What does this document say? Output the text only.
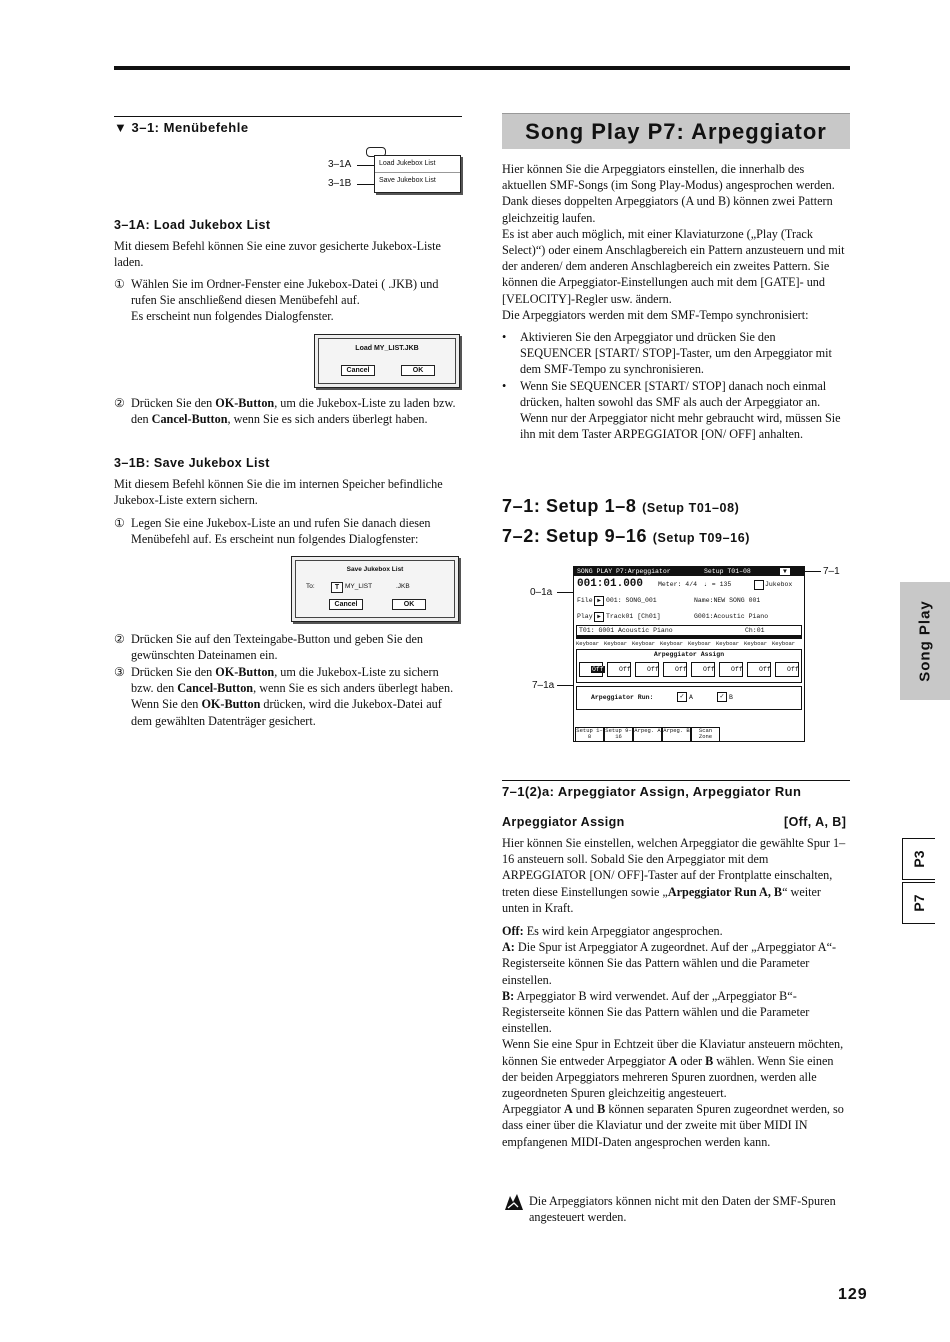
▼ 3–1: Menübefehle
3–1A
3–1B
Load Jukebox List
Save Jukebox List
3–1A: Load Jukebox List
Mit diesem Befehl können Sie eine zuvor gesicherte Jukebox-Liste laden.
① Wählen Sie im Ordner-Fenster eine Jukebox-Datei ( .JKB) und rufen Sie anschließend diesen Menübefehl auf.
Es erscheint nun folgendes Dialogfenster.
Load MY_LIST.JKB
Cancel	OK
② Drücken Sie den OK-Button, um die Jukebox-Liste zu laden bzw. den Cancel-Button, wenn Sie es sich anders überlegt haben.
3–1B: Save Jukebox List
Mit diesem Befehl können Sie die im internen Speicher befindliche Jukebox-Liste extern sichern.
① Legen Sie eine Jukebox-Liste an und rufen Sie danach diesen Menübefehl auf. Es erscheint nun folgendes Dialogfenster:
Save Jukebox List
To:	T MY_LIST	.JKB
Cancel	OK
② Drücken Sie auf den Texteingabe-Button und geben Sie den gewünschten Dateinamen ein.
③ Drücken Sie den OK-Button, um die Jukebox-Liste zu sichern bzw. den Cancel-Button, wenn Sie es sich anders überlegt haben.
Wenn Sie den OK-Button drücken, wird die Jukebox-Datei auf dem gewählten Datenträger gesichert.
Song Play P7: Arpeggiator
Hier können Sie die Arpeggiators einstellen, die innerhalb des aktuellen SMF-Songs (im Song Play-Modus) angesprochen werden. Dank dieses doppelten Arpeggiators (A und B) können zwei Pattern gleichzeitig laufen.
Es ist aber auch möglich, mit einer Klaviaturzone („Play (Track Select)“) oder einem Anschlagbereich ein Pattern anzusteuern und mit der anderen/ dem anderen Anschlagbereich ein zweites Pattern. Sie können die Arpeggiator-Einstellungen auch mit dem [GATE]- und [VELOCITY]-Regler usw. ändern.
Die Arpeggiators werden mit dem SMF-Tempo synchronisiert:
•	Aktivieren Sie den Arpeggiator und drücken Sie den SEQUENCER [START/ STOP]-Taster, um den Arpeggiator mit dem SMF-Tempo zu synchronisieren.
•	Wenn Sie SEQUENCER [START/ STOP] danach noch einmal drücken, halten sowohl das SMF als auch der Arpeggiator an. Wenn nur der Arpeggiator nicht mehr gebraucht wird, müssen Sie ihn mit dem Taster ARPEGGIATOR [ON/ OFF] anhalten.
7–1: Setup 1–8 (Setup T01–08)
7–2: Setup 9–16 (Setup T09–16)
7–1
0–1a
7–1a
SONG PLAY P7:Arpeggiator	Setup T01–08	▼
001:01.000 Meter: 4/4 ♩ = 135	Jukebox
File: ▶ 001: SONG_001	Name:NEW SONG 001
Play ▶ Track01 [Ch01]	G001:Acoustic Piano
T01: G001 Acoustic Piano	Ch:01
Keyboar Keyboar Keyboar Keyboar Keyboar Keyboar Keyboar Keyboar
Arpeggiator Assign
Off Off	Off	Off	Off	Off	Off	Off
Arpeggiator Run:	✓ A	✓ B
Setup 1–8
Setup 9–16
Arpeg. A Arpeg. B	Scan Zone
7–1(2)a: Arpeggiator Assign, Arpeggiator Run
Arpeggiator Assign	[Off, A, B]
Hier können Sie einstellen, welchen Arpeggiator die gewählte Spur 1–16 ansteuern soll. Sobald Sie den Arpeggiator mit dem ARPEGGIATOR [ON/ OFF]-Taster auf der Frontplatte einschalten, treten diese Einstellungen sowie „Arpeggiator Run A, B“ weiter unten in Kraft.
Off: Es wird kein Arpeggiator angesprochen.
A: Die Spur ist Arpeggiator A zugeordnet. Auf der „Arpeggiator A“-Registerseite können Sie das Pattern wählen und die Parameter einstellen.
B: Arpeggiator B wird verwendet. Auf der „Arpeggiator B“-Registerseite können Sie das Pattern wählen und die Parameter einstellen.
Wenn Sie eine Spur in Echtzeit über die Klaviatur ansteuern möchten, können Sie entweder Arpeggiator A oder B wählen. Wenn Sie einen der beiden Arpeggiators mehreren Spuren zuordnen, werden alle zugeordneten Spuren gleichzeitig angesteuert.
Arpeggiator A und B können separaten Spuren zugeordnet werden, so dass einer über die Klaviatur und der zweite mit über MIDI IN empfangenen MIDI-Daten angesprochen werden kann.
Die Arpeggiators können nicht mit den Daten der SMF-Spuren angesteuert werden.
Song Play
P3
P7
129
